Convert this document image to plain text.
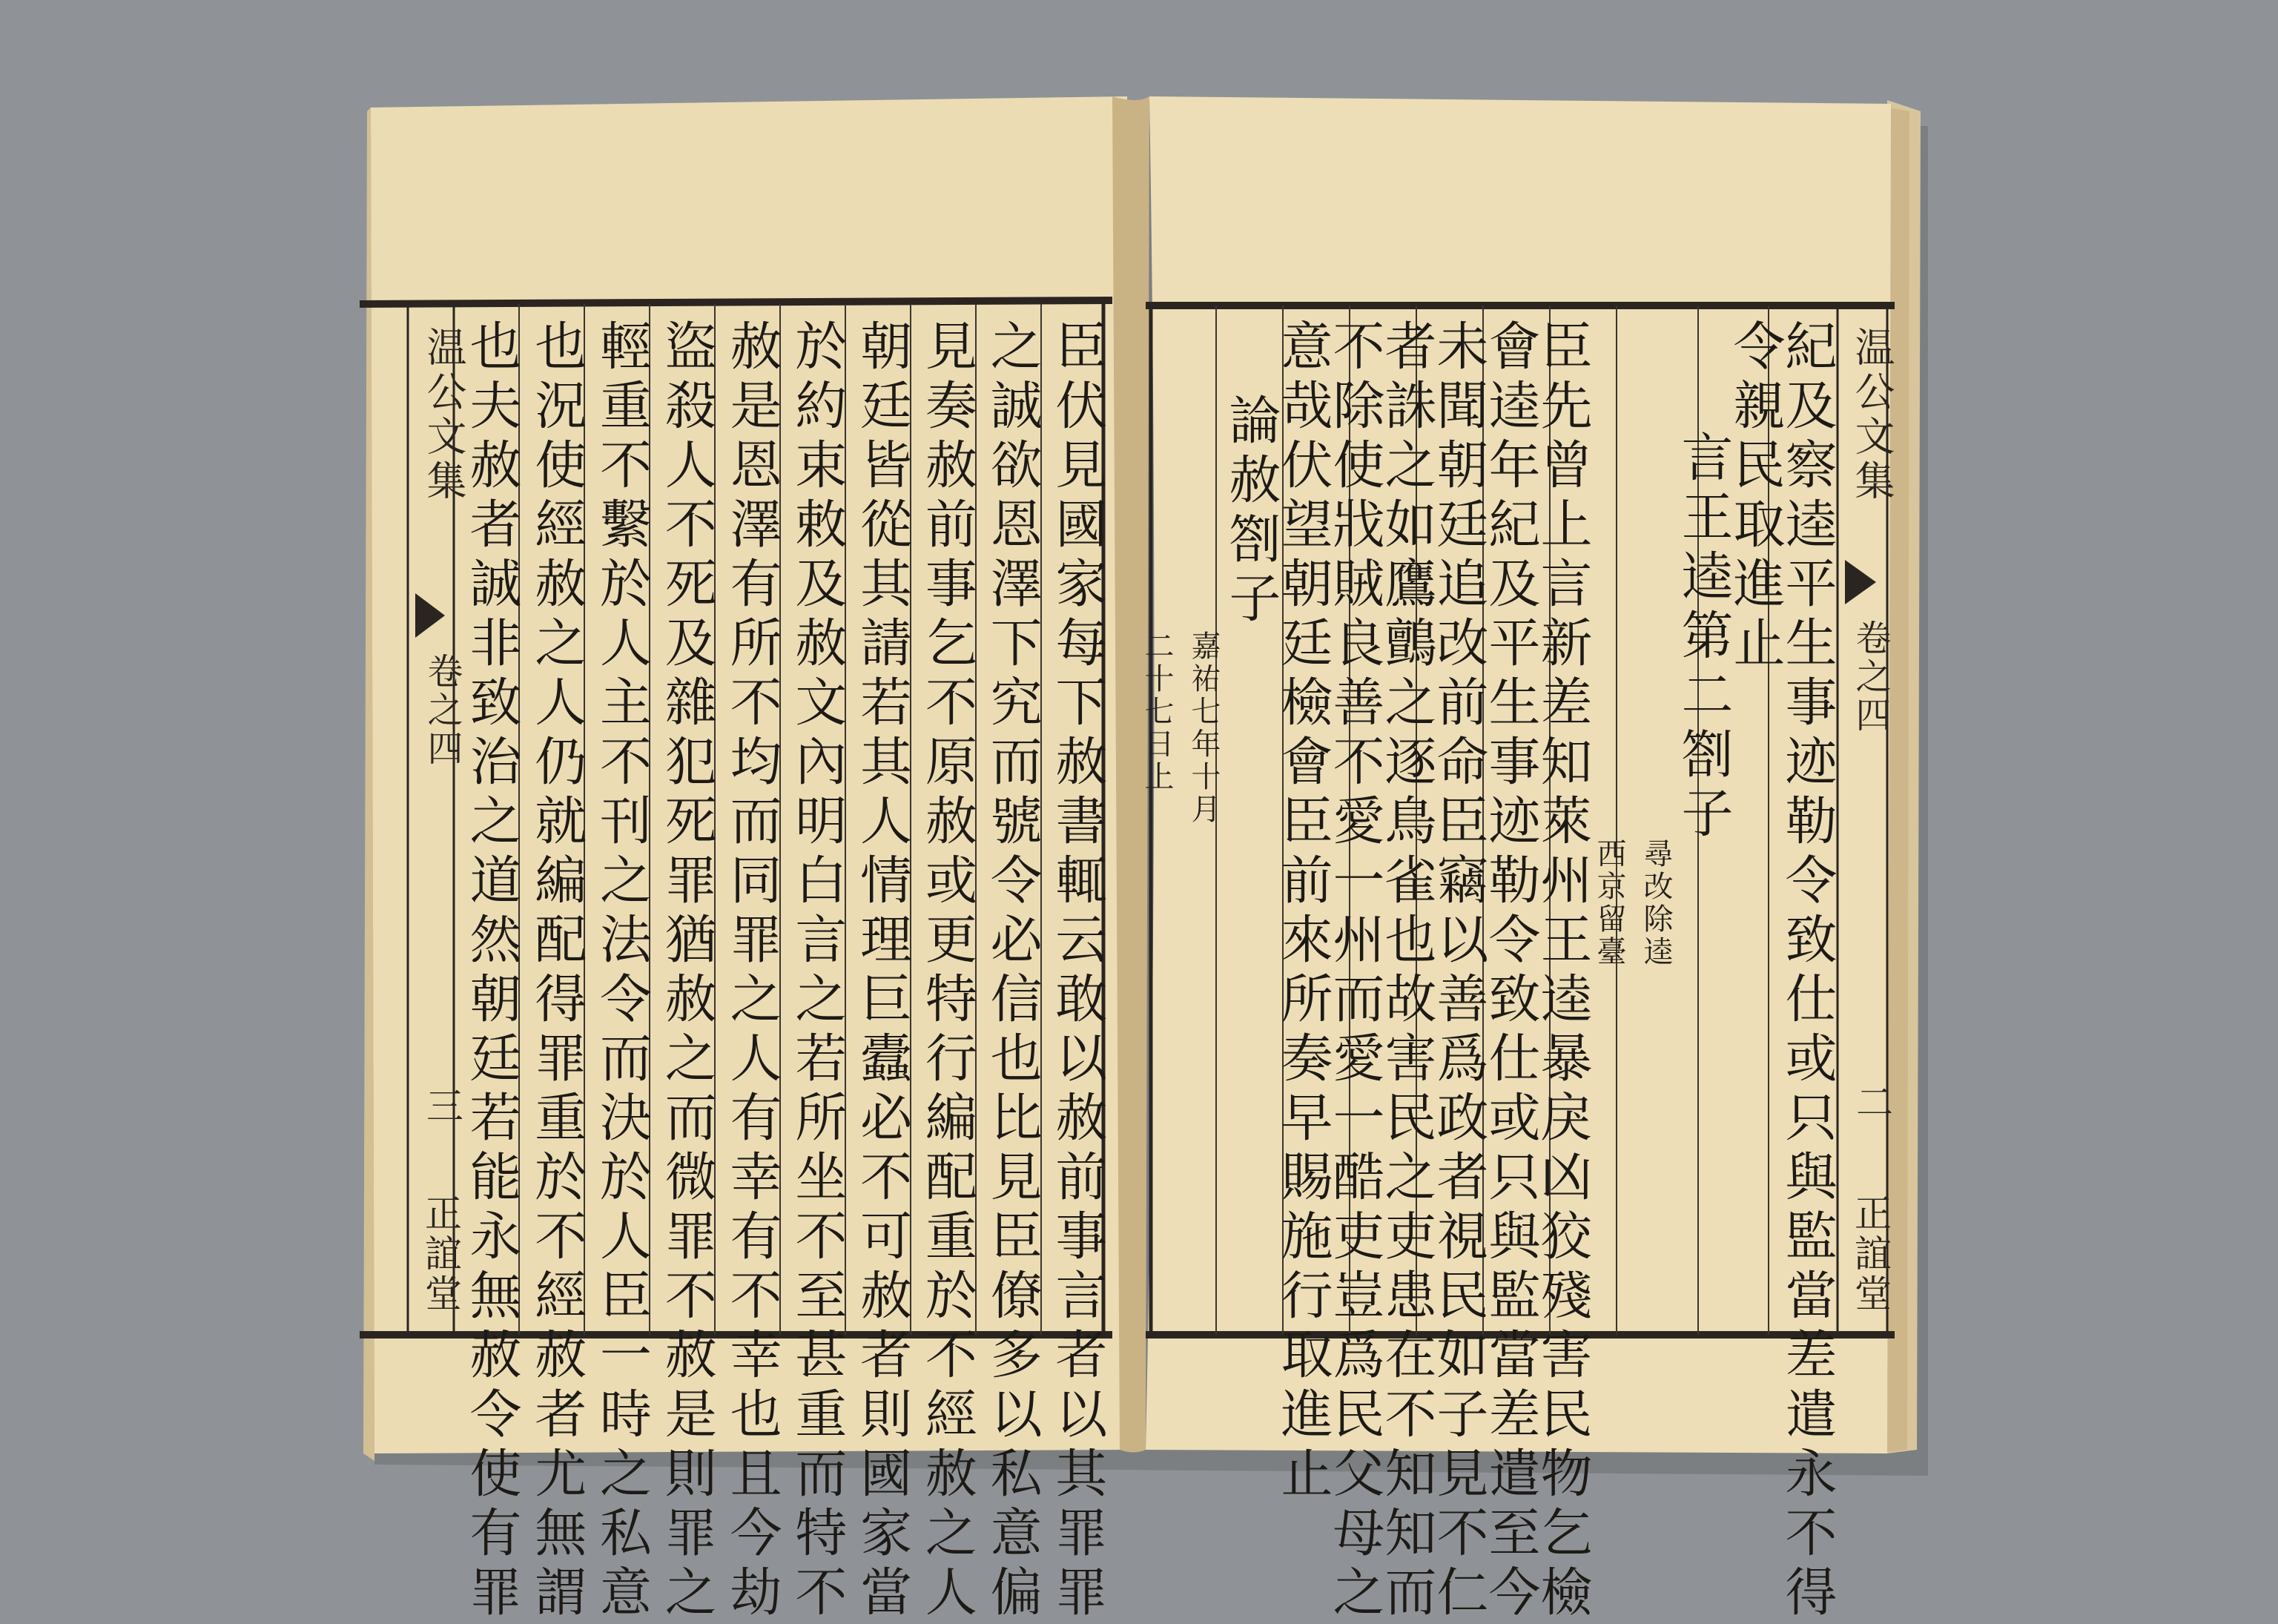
臣伏見國家每下赦書輒云敢以赦前事言者以其罪罪
之誠欲恩澤下究而號令必信也比見臣僚多以私意偏
見奏赦前事乞不原赦或更特行編配重於不經赦之人
朝廷皆從其請若其人情理巨蠹必不可赦者則國家當
於約束敕及赦文內明白言之若所坐不至甚重而特不
赦是恩澤有所不均而同罪之人有幸有不幸也且今劫
盜殺人不死及雜犯死罪猶赦之而微罪不赦是則罪之
輕重不繫於人主不刊之法令而決於人臣一時之私意
也況使經赦之人仍就編配得罪重於不經赦者尤無謂
也夫赦者誠非致治之道然朝廷若能永無赦令使有罪
温公文集
卷之四
三
正誼堂	紀及察逵平生事迹勒令致仕或只與監當差遣永不得
令親民取進止
言王逵第二劄子
尋改除逵
西京留臺
臣先曾上言新差知萊州王逵暴戾凶狡殘害民物乞檢
會逵年紀及平生事迹勒令致仕或只與監當差遣至今
未聞朝廷追改前命臣竊以善爲政者視民如子見不仁
者誅之如鷹鸇之逐鳥雀也故害民之吏患在不知知而
不除使戕賊良善不愛一州而愛一酷吏豈爲民父母之
意哉伏望朝廷檢會臣前來所奏早賜施行取進止
論赦劄子
嘉祐七年十月
二十七日上
温公文集
卷之四
二
正誼堂
